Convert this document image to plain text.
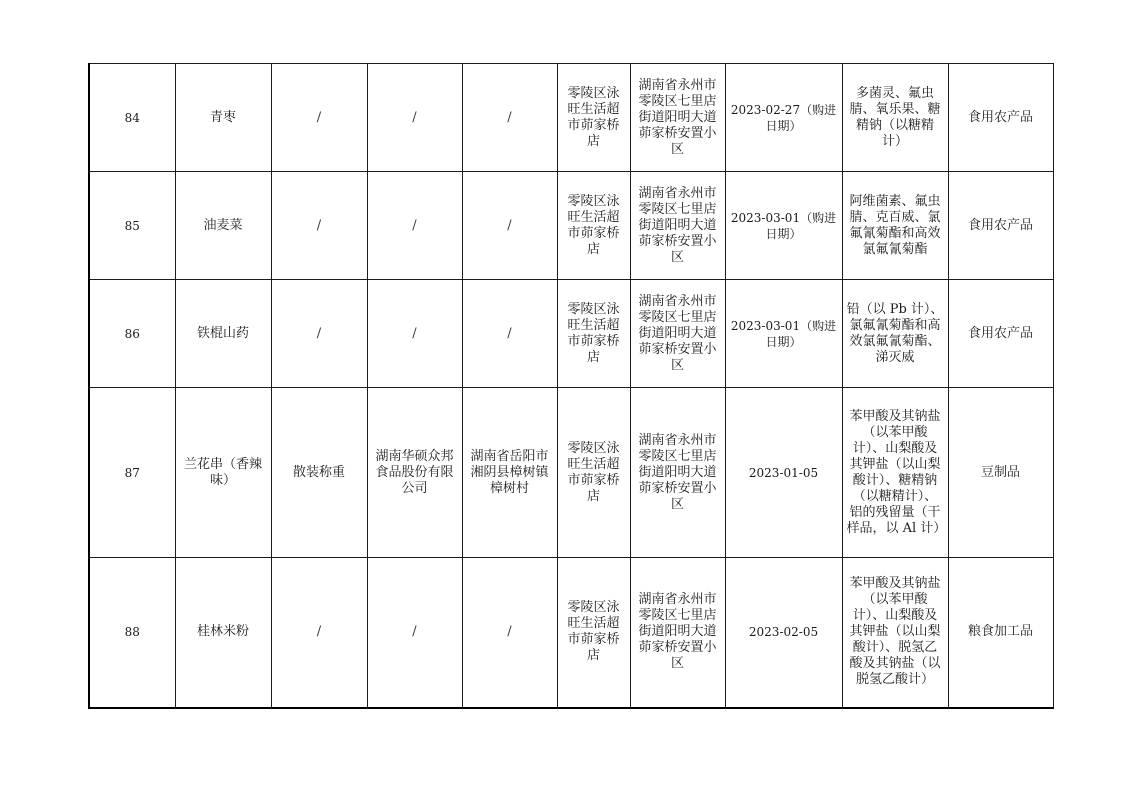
84	青枣	/	/	/	零陵区泳旺生活超市茆家桥店	湖南省永州市零陵区七里店街道阳明大道茆家桥安置小区	2023-02-27（购进日期）	多菌灵、氟虫腈、氧乐果、糖精钠（以糖精计）	食用农产品
85	油麦菜	/	/	/	零陵区泳旺生活超市茆家桥店	湖南省永州市零陵区七里店街道阳明大道茆家桥安置小区	2023-03-01（购进日期）	阿维菌素、氟虫腈、克百威、氯氟氰菊酯和高效氯氟氰菊酯	食用农产品
86	铁棍山药	/	/	/	零陵区泳旺生活超市茆家桥店	湖南省永州市零陵区七里店街道阳明大道茆家桥安置小区	2023-03-01（购进日期）	铅（以 Pb 计）、氯氟氰菊酯和高效氯氟氰菊酯、涕灭威	食用农产品
87	兰花串（香辣味）	散装称重	湖南华硕众邦食品股份有限公司	湖南省岳阳市湘阴县樟树镇樟树村	零陵区泳旺生活超市茆家桥店	湖南省永州市零陵区七里店街道阳明大道茆家桥安置小区	2023-01-05	苯甲酸及其钠盐（以苯甲酸计）、山梨酸及其钾盐（以山梨酸计）、糖精钠（以糖精计）、铝的残留量（干样品，以 Al 计）	豆制品
88	桂林米粉	/	/	/	零陵区泳旺生活超市茆家桥店	湖南省永州市零陵区七里店街道阳明大道茆家桥安置小区	2023-02-05	苯甲酸及其钠盐（以苯甲酸计）、山梨酸及其钾盐（以山梨酸计）、脱氢乙酸及其钠盐（以脱氢乙酸计）	粮食加工品
